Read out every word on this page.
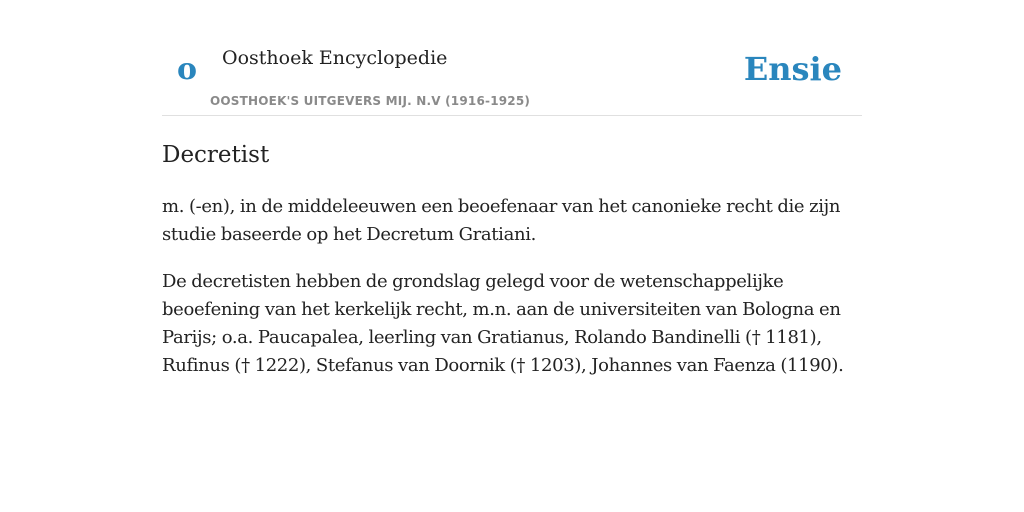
o Oosthoek Encyclopedie
OOSTHOEK'S UITGEVERS MIJ. N.V (1916-1925)
Ensie
Decretist

m. (-en), in de middeleeuwen een beoefenaar van het canonieke recht die zijn studie baseerde op het Decretum Gratiani.

De decretisten hebben de grondslag gelegd voor de wetenschappelijke beoefening van het kerkelijk recht, m.n. aan de universiteiten van Bologna en Parijs; o.a. Paucapalea, leerling van Gratianus, Rolando Bandinelli († 1181), Rufinus († 1222), Stefanus van Doornik († 1203), Johannes van Faenza (1190).
